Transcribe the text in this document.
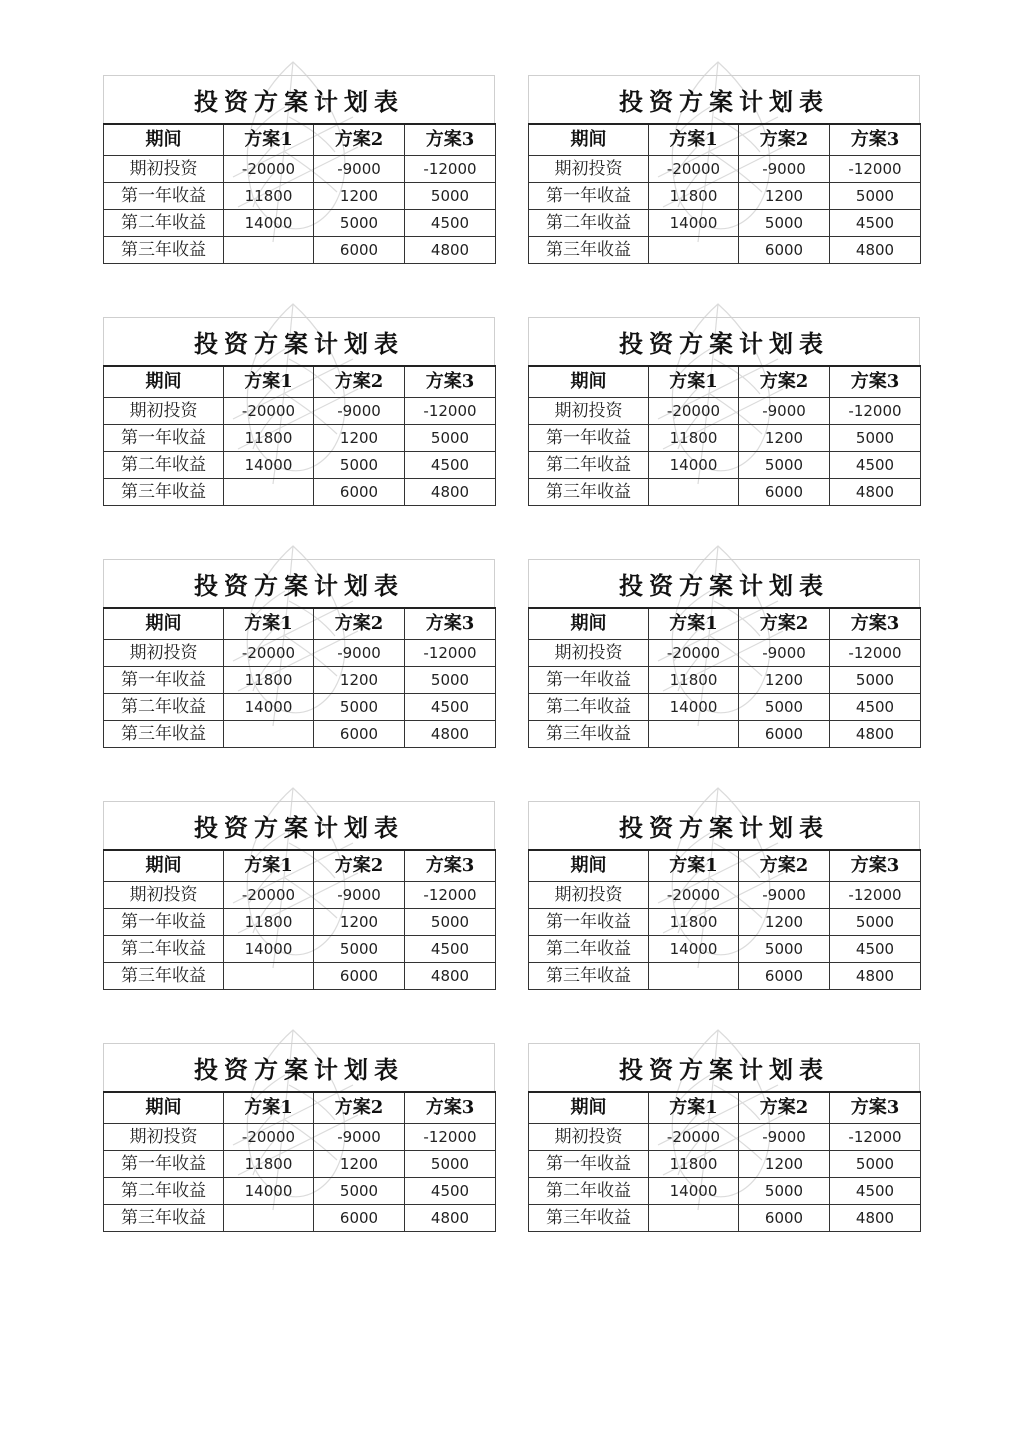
投资方案计划表
期间	方案1	方案2	方案3
期初投资	-20000	-9000	-12000
第一年收益	11800	1200	5000
第二年收益	14000	5000	4500
第三年收益		6000	4800
投资方案计划表
期间	方案1	方案2	方案3
期初投资	-20000	-9000	-12000
第一年收益	11800	1200	5000
第二年收益	14000	5000	4500
第三年收益		6000	4800
投资方案计划表
期间	方案1	方案2	方案3
期初投资	-20000	-9000	-12000
第一年收益	11800	1200	5000
第二年收益	14000	5000	4500
第三年收益		6000	4800
投资方案计划表
期间	方案1	方案2	方案3
期初投资	-20000	-9000	-12000
第一年收益	11800	1200	5000
第二年收益	14000	5000	4500
第三年收益		6000	4800
投资方案计划表
期间	方案1	方案2	方案3
期初投资	-20000	-9000	-12000
第一年收益	11800	1200	5000
第二年收益	14000	5000	4500
第三年收益		6000	4800
投资方案计划表
期间	方案1	方案2	方案3
期初投资	-20000	-9000	-12000
第一年收益	11800	1200	5000
第二年收益	14000	5000	4500
第三年收益		6000	4800
投资方案计划表
期间	方案1	方案2	方案3
期初投资	-20000	-9000	-12000
第一年收益	11800	1200	5000
第二年收益	14000	5000	4500
第三年收益		6000	4800
投资方案计划表
期间	方案1	方案2	方案3
期初投资	-20000	-9000	-12000
第一年收益	11800	1200	5000
第二年收益	14000	5000	4500
第三年收益		6000	4800
投资方案计划表
期间	方案1	方案2	方案3
期初投资	-20000	-9000	-12000
第一年收益	11800	1200	5000
第二年收益	14000	5000	4500
第三年收益		6000	4800
投资方案计划表
期间	方案1	方案2	方案3
期初投资	-20000	-9000	-12000
第一年收益	11800	1200	5000
第二年收益	14000	5000	4500
第三年收益		6000	4800
